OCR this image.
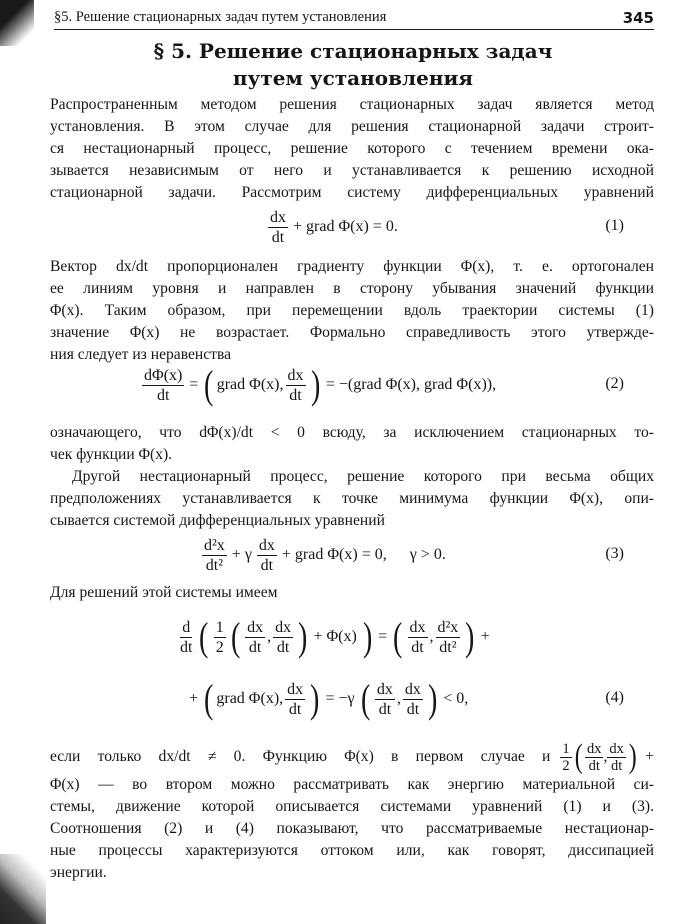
§5. Решение стационарных задач путем установления	345
§ 5. Решение стационарных задач
путем установления
Распространенным методом решения стационарных задач является метод
установления. В этом случае для решения стационарной задачи строит-
ся нестационарный процесс, решение которого с течением времени ока-
зывается независимым от него и устанавливается к решению исходной
стационарной задачи. Рассмотрим систему дифференциальных уравнений
$\frac{dx}{dt}$ + grad Φ(x) = 0.	(1)
Вектор dx/dt пропорционален градиенту функции Φ(x), т. е. ортогонален
ее линиям уровня и направлен в сторону убывания значений функции
Φ(x). Таким образом, при перемещении вдоль траектории системы (1)
значение Φ(x) не возрастает. Формально справедливость этого утвержде-
ния следует из неравенства
$\frac{d\Phi(x)}{dt}$ = ( grad Φ(x), $\frac{dx}{dt}$ ) = −(grad Φ(x), grad Φ(x)),	(2)
означающего, что dΦ(x)/dt < 0 всюду, за исключением стационарных то-
чек функции Φ(x).
Другой нестационарный процесс, решение которого при весьма общих
предположениях устанавливается к точке минимума функции Φ(x), опи-
сывается системой дифференциальных уравнений
$\frac{\text{d²x}}{\text{dt²}} + \gamma \frac{dx}{dt}$ + grad Φ(x) = 0, γ > 0.	(3)
Для решений этой системы имеем
$\frac{d}{dt}$ ( $\frac{1}{2}$ ( $\frac{dx}{dt}$ , $\frac{dx}{dt}$ ) + Φ(x) ) = ( $\frac{dx}{dt}$ , $\frac{\text{d²x}}{\text{dt²}}$ ) +
+ ( grad Φ(x), $\frac{dx}{dt}$ ) = −γ ( $\frac{dx}{dt}$ , $\frac{dx}{dt}$ ) < 0,	(4)
если только dx/dt ≠ 0. Функцию Φ(x) в первом случае и $\frac{1}{2}$ ( $\frac{dx}{dt}$ , $\frac{dx}{dt}$ ) +
Φ(x) — во втором можно рассматривать как энергию материальной си-
стемы, движение которой описывается системами уравнений (1) и (3).
Соотношения (2) и (4) показывают, что рассматриваемые нестационар-
ные процессы характеризуются оттоком или, как говорят, диссипацией
энергии.
